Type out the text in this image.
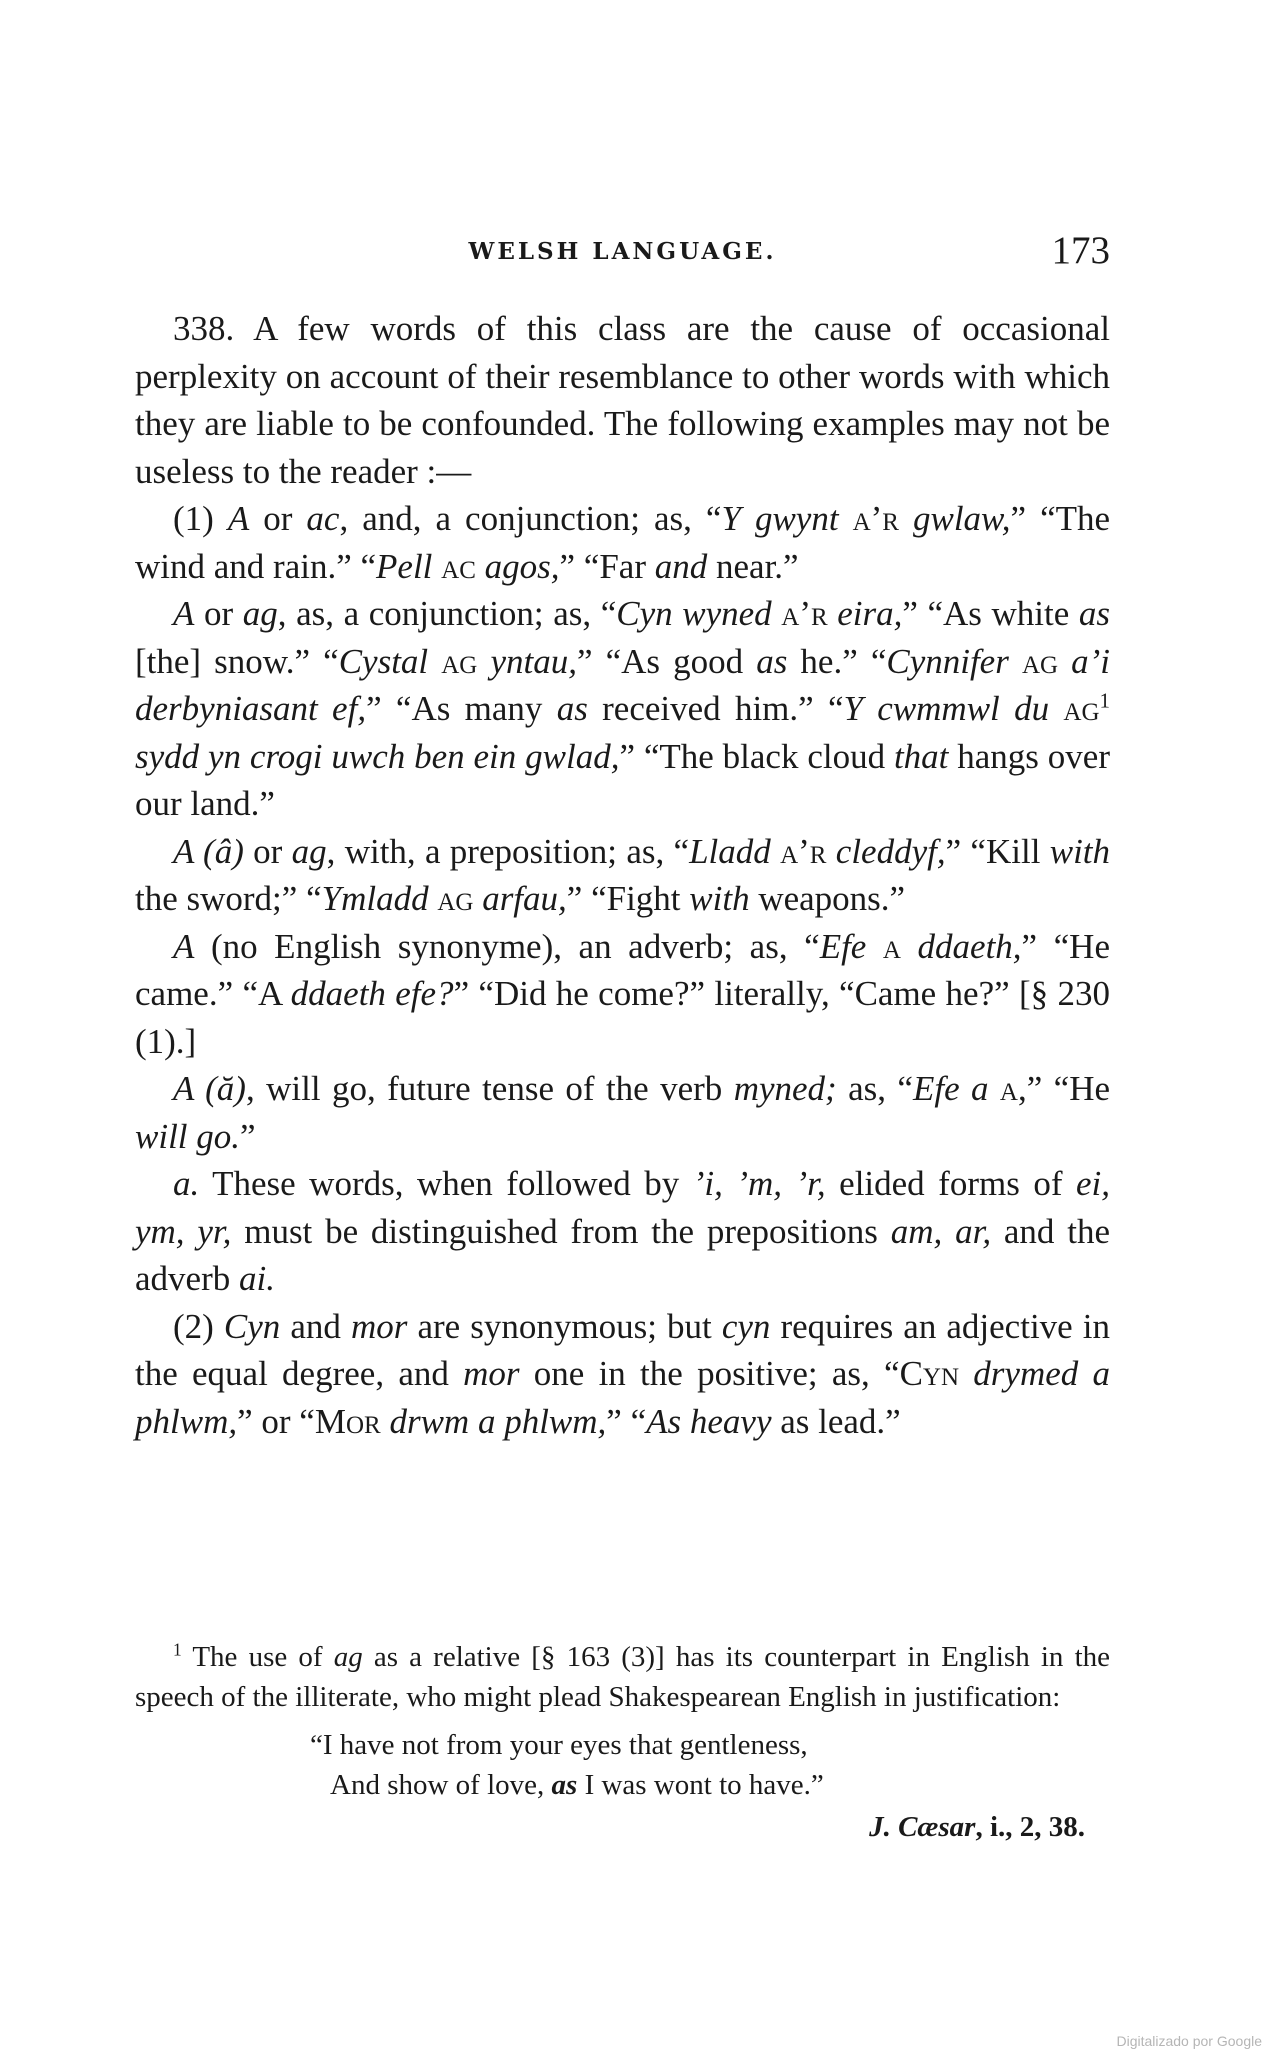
WELSH LANGUAGE.	173

338. A few words of this class are the cause of occasional perplexity on account of their resemblance to other words with which they are liable to be confounded. The following examples may not be useless to the reader :—

(1) A or ac, and, a conjunction; as, “Y gwynt a’r gwlaw,” “The wind and rain.” “Pell ac agos,” “Far and near.”

A or ag, as, a conjunction; as, “Cyn wyned a’r eira,” “As white as [the] snow.” “Cystal ag yntau,” “As good as he.” “Cynnifer ag a’i derbyniasant ef,” “As many as received him.” “Y cwmmwl du $ag^1$ sydd yn crogi uwch ben ein gwlad,” “The black cloud that hangs over our land.”

A (â) or ag, with, a preposition; as, “Lladd a’r cleddyf,” “Kill with the sword;” “Ymladd ag arfau,” “Fight with weapons.”

A (no English synonyme), an adverb; as, “Efe a ddaeth,” “He came.” “A ddaeth efe?” “Did he come?” literally, “Came he?” [§ 230 (1).]

A (ă), will go, future tense of the verb myned; as, “Efe a a,” “He will go.”

a. These words, when followed by ’i, ’m, ’r, elided forms of ei, ym, yr, must be distinguished from the prepositions am, ar, and the adverb ai.

(2) Cyn and mor are synonymous; but cyn requires an adjective in the equal degree, and mor one in the positive; as, “Cyn drymed a phlwm,” or “Mor drwm a phlwm,” “As heavy as lead.”

$^1$ The use of ag as a relative [§ 163 (3)] has its counterpart in English in the speech of the illiterate, who might plead Shakespearean English in justification:

“I have not from your eyes that gentleness,
And show of love, as I was wont to have.”
J. Cæsar, i., 2, 38.
Digitalizado por Google
